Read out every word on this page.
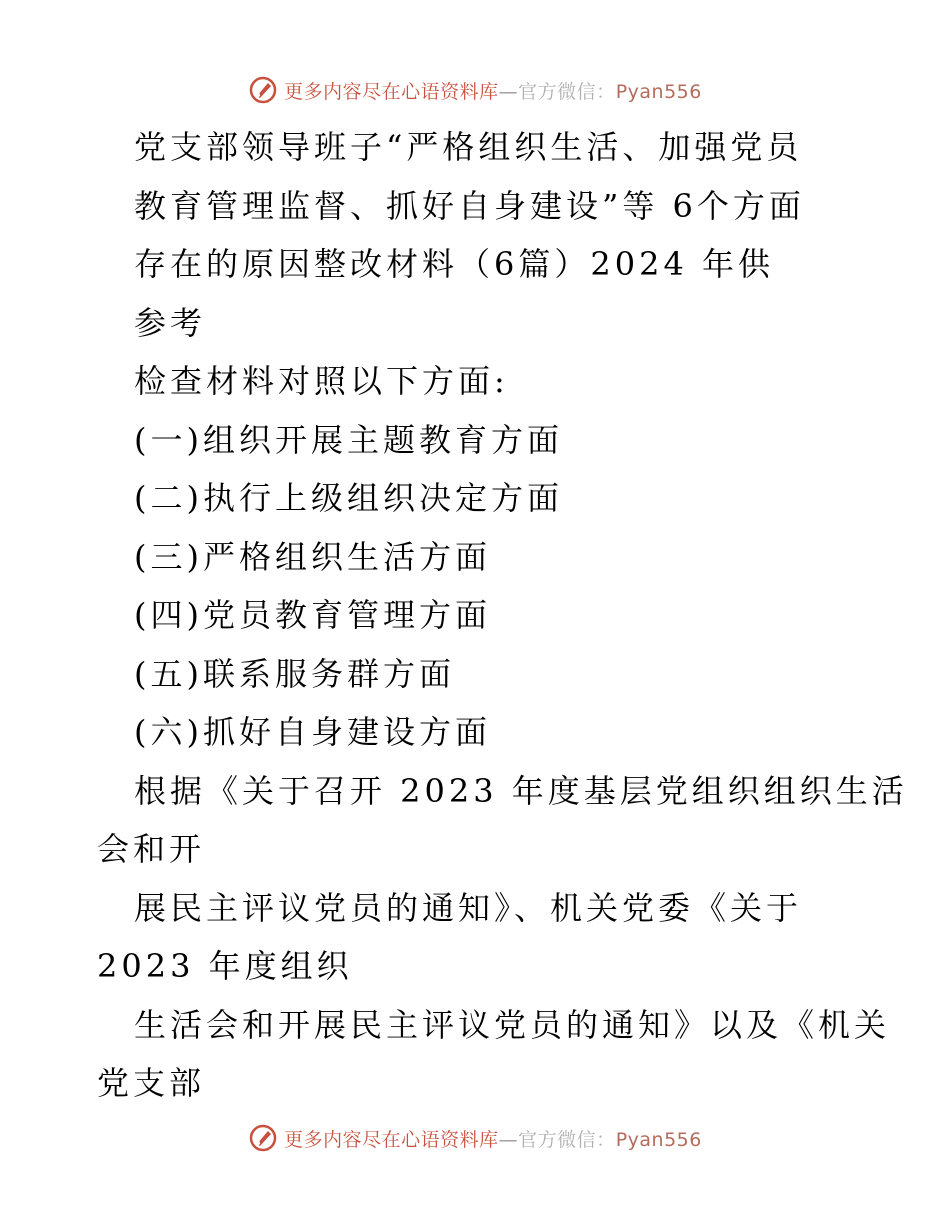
更多内容尽在心语资料库—官方微信：Pyan556
党支部领导班子“严格组织生活、加强党员
教育管理监督、抓好自身建设”等 6个方面
存在的原因整改材料（6篇）2024 年供
参考
检查材料对照以下方面:
(一)组织开展主题教育方面
(二)执行上级组织决定方面
(三)严格组织生活方面
(四)党员教育管理方面
(五)联系服务群方面
(六)抓好自身建设方面
根据《关于召开 2023 年度基层党组织组织生活
会和开
展民主评议党员的通知》、机关党委《关于
2023 年度组织
生活会和开展民主评议党员的通知》以及《机关
党支部
更多内容尽在心语资料库—官方微信：Pyan556
